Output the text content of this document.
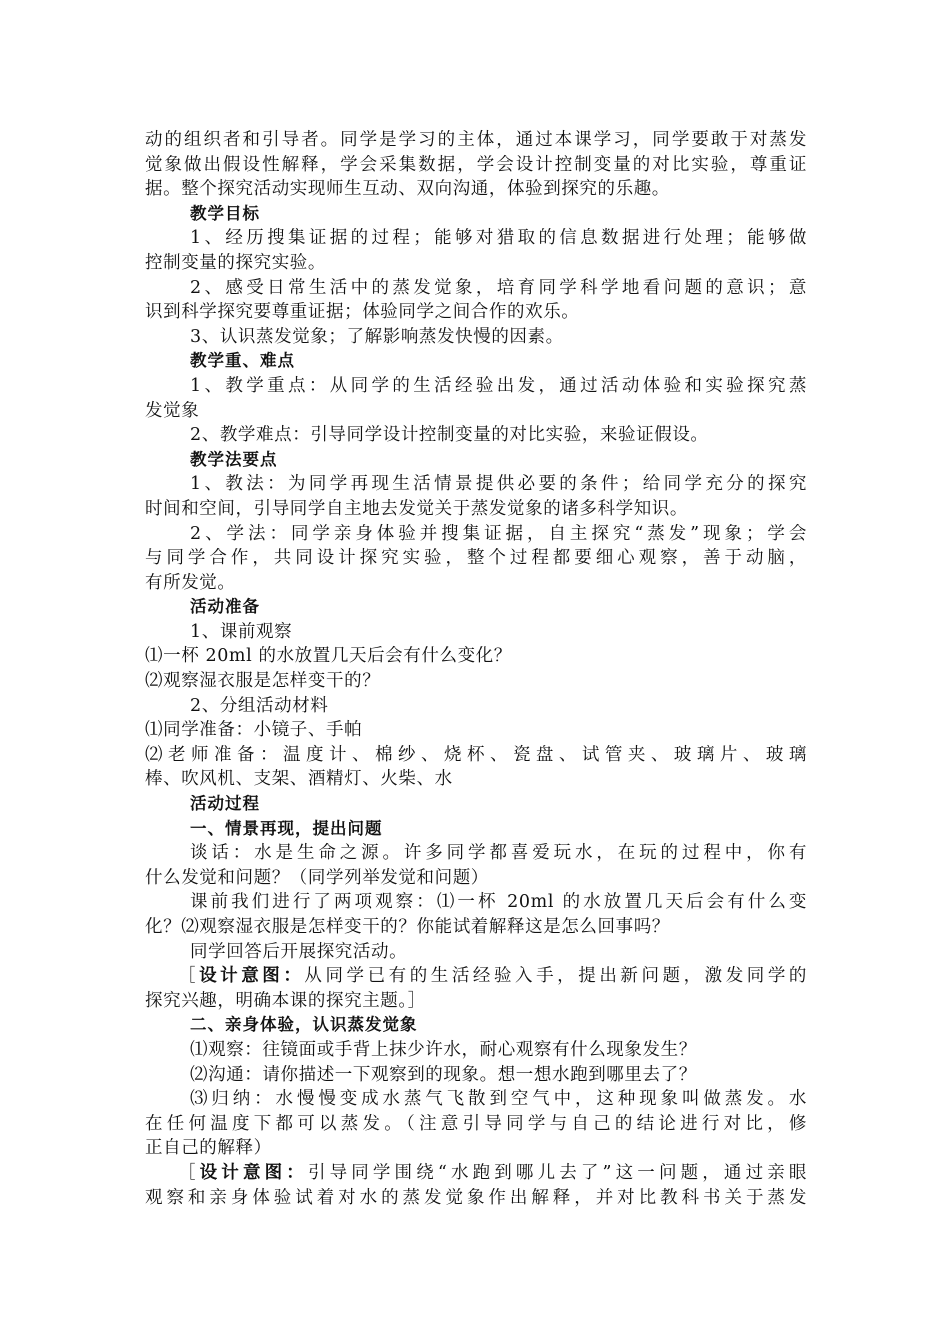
动的组织者和引导者。同学是学习的主体，通过本课学习，同学要敢于对蒸发
觉象做出假设性解释，学会采集数据，学会设计控制变量的对比实验，尊重证
据。整个探究活动实现师生互动、双向沟通，体验到探究的乐趣。
教学目标
1、经历搜集证据的过程；能够对猎取的信息数据进行处理；能够做
控制变量的探究实验。
2、感受日常生活中的蒸发觉象，培育同学科学地看问题的意识；意
识到科学探究要尊重证据；体验同学之间合作的欢乐。
3、认识蒸发觉象；了解影响蒸发快慢的因素。
教学重、难点
1、教学重点：从同学的生活经验出发，通过活动体验和实验探究蒸
发觉象
2、教学难点：引导同学设计控制变量的对比实验，来验证假设。
教学法要点
1、教法：为同学再现生活情景提供必要的条件；给同学充分的探究
时间和空间，引导同学自主地去发觉关于蒸发觉象的诸多科学知识。
2、学法：同学亲身体验并搜集证据，自主探究“蒸发”现象；学会
与同学合作，共同设计探究实验，整个过程都要细心观察，善于动脑，
有所发觉。
活动准备
1、课前观察
⑴一杯 20ml 的水放置几天后会有什么变化？
⑵观察湿衣服是怎样变干的？
2、分组活动材料
⑴同学准备：小镜子、手帕
⑵老师准备：温度计、棉纱、烧杯、瓷盘、试管夹、玻璃片、玻璃
棒、吹风机、支架、酒精灯、火柴、水
活动过程
一、情景再现，提出问题
谈话：水是生命之源。许多同学都喜爱玩水，在玩的过程中，你有
什么发觉和问题？（同学列举发觉和问题）
课前我们进行了两项观察：⑴一杯 20ml 的水放置几天后会有什么变
化？⑵观察湿衣服是怎样变干的？你能试着解释这是怎么回事吗？
同学回答后开展探究活动。
［设计意图：从同学已有的生活经验入手，提出新问题，激发同学的
探究兴趣，明确本课的探究主题。］
二、亲身体验，认识蒸发觉象
⑴观察：往镜面或手背上抹少许水，耐心观察有什么现象发生？
⑵沟通：请你描述一下观察到的现象。想一想水跑到哪里去了？
⑶归纳：水慢慢变成水蒸气飞散到空气中，这种现象叫做蒸发。水
在任何温度下都可以蒸发。（注意引导同学与自己的结论进行对比，修
正自己的解释）
［设计意图：引导同学围绕“水跑到哪儿去了”这一问题，通过亲眼
观察和亲身体验试着对水的蒸发觉象作出解释，并对比教科书关于蒸发
